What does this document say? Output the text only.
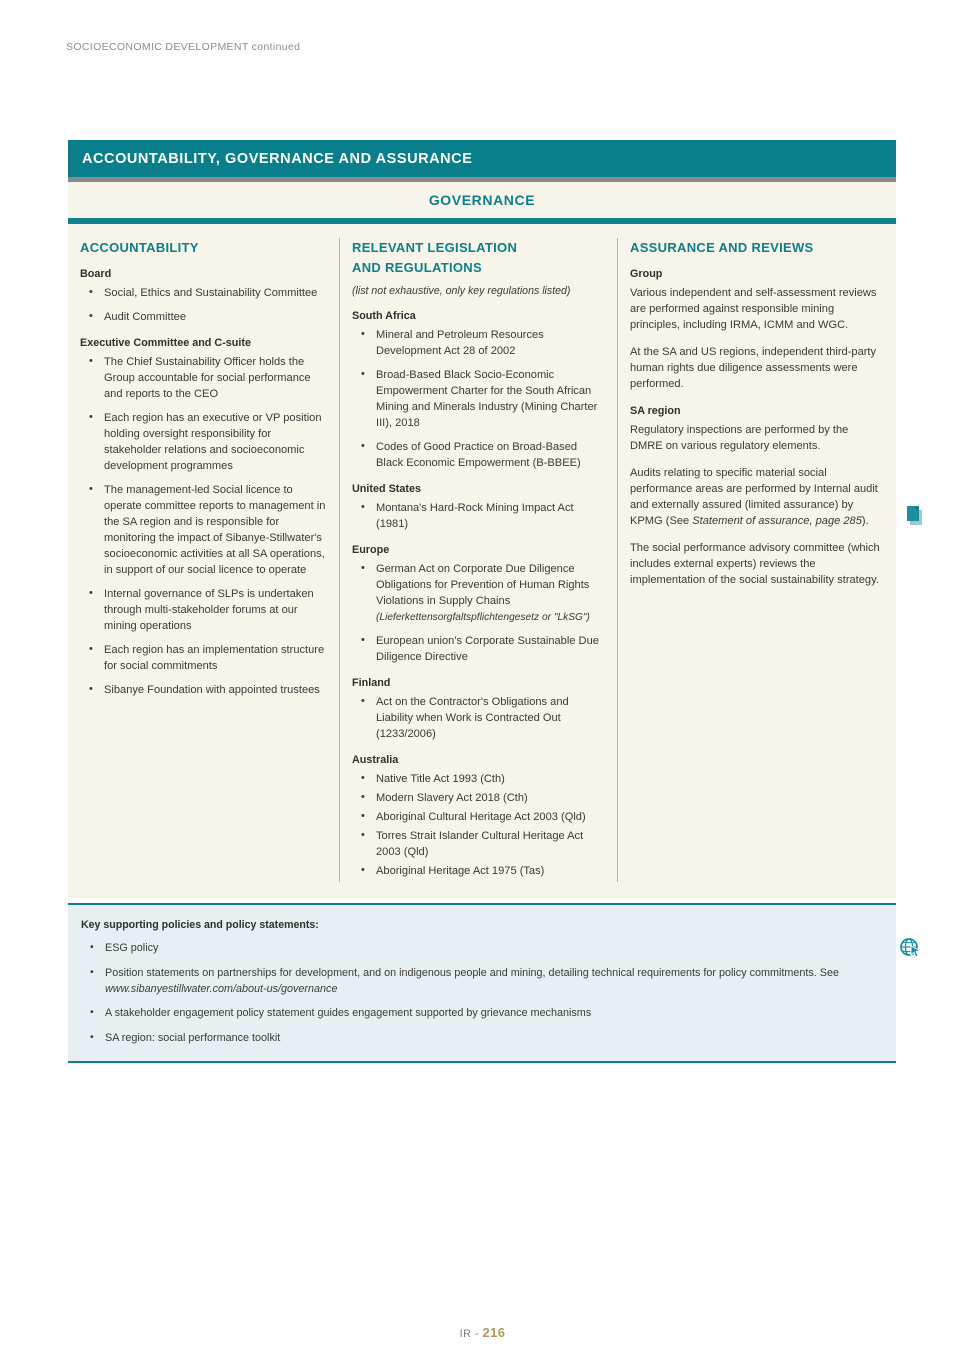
SOCIOECONOMIC DEVELOPMENT continued
ACCOUNTABILITY, GOVERNANCE AND ASSURANCE
GOVERNANCE
ACCOUNTABILITY
Board
• Social, Ethics and Sustainability Committee
• Audit Committee
Executive Committee and C-suite
• The Chief Sustainability Officer holds the Group accountable for social performance and reports to the CEO
• Each region has an executive or VP position holding oversight responsibility for stakeholder relations and socioeconomic development programmes
• The management-led Social licence to operate committee reports to management in the SA region and is responsible for monitoring the impact of Sibanye-Stillwater's socioeconomic activities at all SA operations, in support of our social licence to operate
• Internal governance of SLPs is undertaken through multi-stakeholder forums at our mining operations
• Each region has an implementation structure for social commitments
• Sibanye Foundation with appointed trustees
RELEVANT LEGISLATION
AND REGULATIONS
(list not exhaustive, only key regulations listed)
South Africa
• Mineral and Petroleum Resources Development Act 28 of 2002
• Broad-Based Black Socio-Economic Empowerment Charter for the South African Mining and Minerals Industry (Mining Charter III), 2018
• Codes of Good Practice on Broad-Based Black Economic Empowerment (B-BBEE)
United States
• Montana's Hard-Rock Mining Impact Act (1981)
Europe
• German Act on Corporate Due Diligence Obligations for Prevention of Human Rights Violations in Supply Chains
(Lieferkettensorgfaltspflichtengesetz or "LkSG")
• European union's Corporate Sustainable Due Diligence Directive
Finland
• Act on the Contractor's Obligations and Liability when Work is Contracted Out (1233/2006)
Australia
• Native Title Act 1993 (Cth)
• Modern Slavery Act 2018 (Cth)
• Aboriginal Cultural Heritage Act 2003 (Qld)
• Torres Strait Islander Cultural Heritage Act 2003 (Qld)
• Aboriginal Heritage Act 1975 (Tas)
ASSURANCE AND REVIEWS
Group

Various independent and self-assessment reviews are performed against responsible mining principles, including IRMA, ICMM and WGC.

At the SA and US regions, independent third-party human rights due diligence assessments were performed.

SA region

Regulatory inspections are performed by the DMRE on various regulatory elements.

Audits relating to specific material social performance areas are performed by Internal audit and externally assured (limited assurance) by KPMG (See Statement of assurance, page 285).

The social performance advisory committee (which includes external experts) reviews the implementation of the social sustainability strategy.

Key supporting policies and policy statements:
• ESG policy
• Position statements on partnerships for development, and on indigenous people and mining, detailing technical requirements for policy commitments. See www.sibanyestillwater.com/about-us/governance
• A stakeholder engagement policy statement guides engagement supported by grievance mechanisms
• SA region: social performance toolkit
IR - 216
